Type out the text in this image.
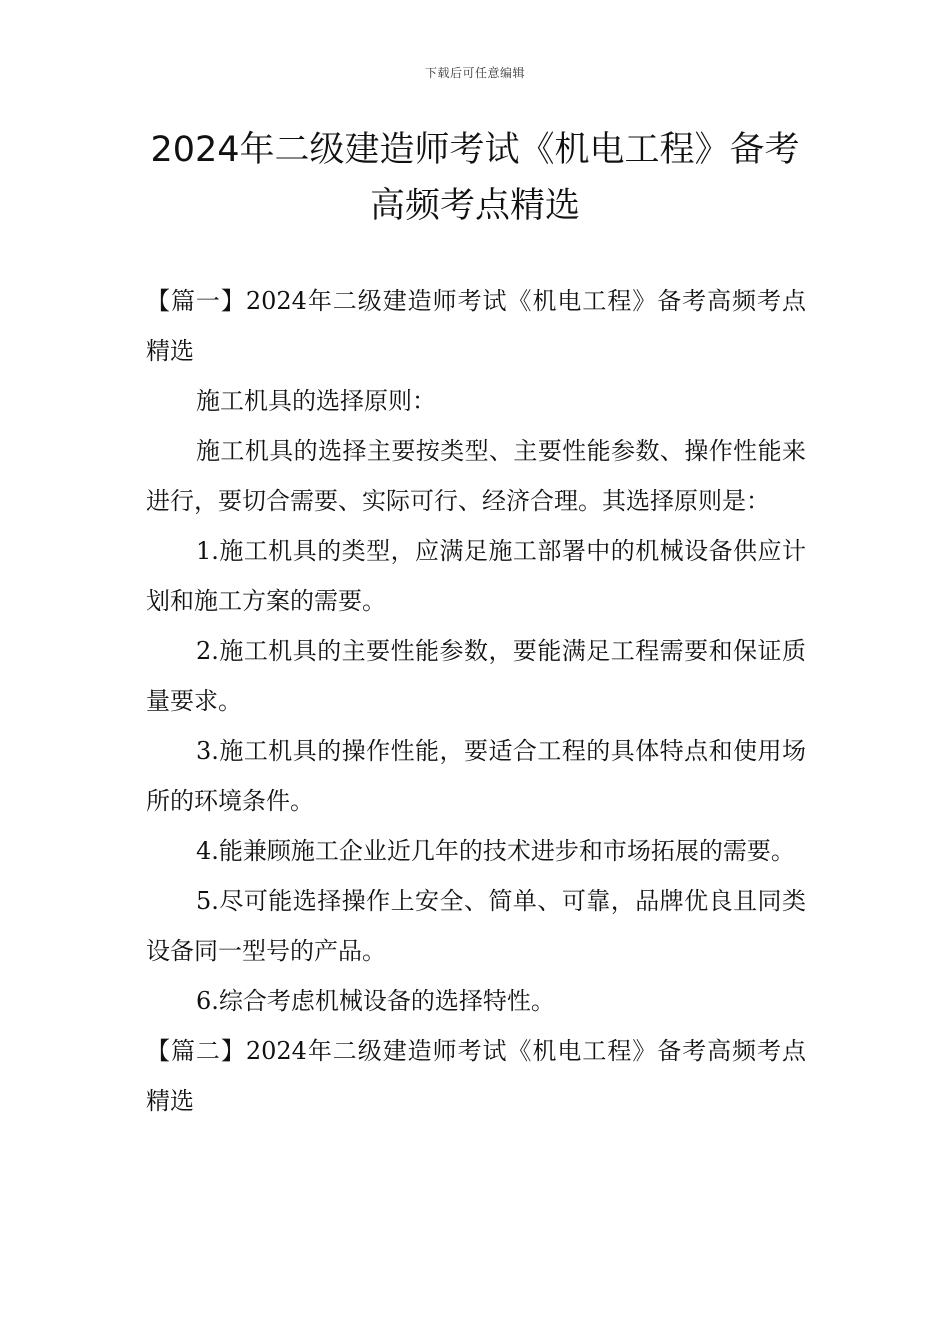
下载后可任意编辑
2024年二级建造师考试《机电工程》备考
高频考点精选

【篇一】2024年二级建造师考试《机电工程》备考高频考点精选

施工机具的选择原则：

施工机具的选择主要按类型、主要性能参数、操作性能来进行，要切合需要、实际可行、经济合理。其选择原则是：

1.施工机具的类型，应满足施工部署中的机械设备供应计划和施工方案的需要。

2.施工机具的主要性能参数，要能满足工程需要和保证质量要求。

3.施工机具的操作性能，要适合工程的具体特点和使用场所的环境条件。

4.能兼顾施工企业近几年的技术进步和市场拓展的需要。

5.尽可能选择操作上安全、简单、可靠，品牌优良且同类设备同一型号的产品。

6.综合考虑机械设备的选择特性。

【篇二】2024年二级建造师考试《机电工程》备考高频考点精选
